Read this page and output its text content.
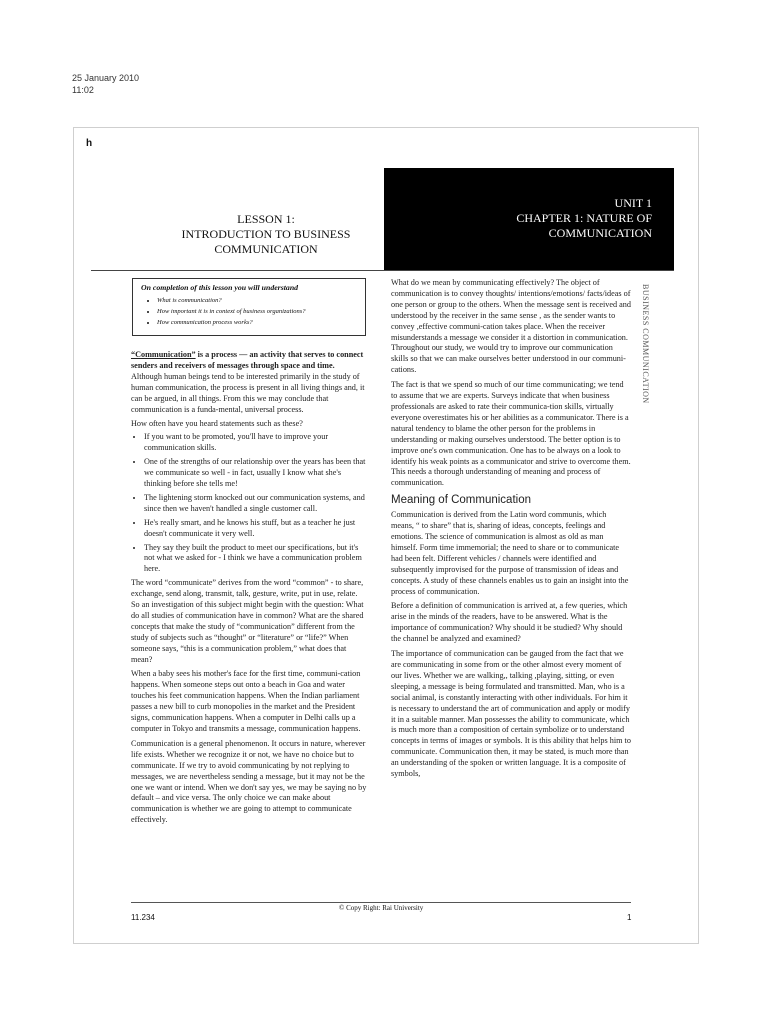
25 January 2010
11:02
h
UNIT 1
CHAPTER 1: NATURE OF
COMMUNICATION
LESSON 1:
INTRODUCTION TO BUSINESS
COMMUNICATION
BUSINESS COMMUNICATION
On completion of this lesson you will understand
• What is communication?
• How important it is in context of business organizations?
• How communication process works?

“Communication” is a process — an activity that serves to connect senders and receivers of messages through space and time. Although human beings tend to be interested primarily in the study of human communication, the process is present in all living things and, it can be argued, in all things. From this we may conclude that communication is a funda-mental, universal process.

How often have you heard statements such as these?

• If you want to be promoted, you'll have to improve your communication skills.
• One of the strengths of our relationship over the years has been that we communicate so well - in fact, usually I know what she's thinking before she tells me!
• The lightening storm knocked out our communication systems, and since then we haven't handled a single customer call.
• He's really smart, and he knows his stuff, but as a teacher he just doesn't communicate it very well.
• They say they built the product to meet our specifications, but it's not what we asked for - I think we have a communication problem here.

The word “communicate” derives from the word “common” - to share, exchange, send along, transmit, talk, gesture, write, put in use, relate. So an investigation of this subject might begin with the question: What do all studies of communication have in common? What are the shared concepts that make the study of “communication” different from the study of subjects such as “thought” or “literature” or “life?” When someone says, “this is a communication problem,” what does that mean?

When a baby sees his mother's face for the first time, communi-cation happens. When someone steps out onto a beach in Goa and water touches his feet communication happens. When the Indian parliament passes a new bill to curb monopolies in the market and the President signs, communication happens. When a computer in Delhi calls up a computer in Tokyo and transmits a message, communication happens.

Communication is a general phenomenon. It occurs in nature, wherever life exists. Whether we recognize it or not, we have no choice but to communicate. If we try to avoid communicating by not replying to messages, we are nevertheless sending a message, but it may not be the one we want or intend. When we don't say yes, we may be saying no by default – and vice versa. The only choice we can make about communication is whether we are going to attempt to communicate effectively.

What do we mean by communicating effectively? The object of communication is to convey thoughts/ intentions/emotions/ facts/ideas of one person or group to the others. When the message sent is received and understood by the receiver in the same sense , as the sender wants to convey ,effective communi-cation takes place. When the receiver misunderstands a message we consider it a distortion in communication. Throughout our study, we would try to improve our communication skills so that we can make ourselves better understood in our communi-cations.

The fact is that we spend so much of our time communicating; we tend to assume that we are experts. Surveys indicate that when business professionals are asked to rate their communica-tion skills, virtually everyone overestimates his or her abilities as a communicator. There is a natural tendency to blame the other person for the problems in understanding or making ourselves understood. The better option is to improve one's own communication. One has to be always on a look to identify his weak points as a communicator and strive to overcome them. This needs a thorough understanding of meaning and process of communication.

Meaning of Communication

Communication is derived from the Latin word communis, which means, “ to share” that is, sharing of ideas, concepts, feelings and emotions. The science of communication is almost as old as man himself. Form time immemorial; the need to share or to communicate had been felt. Different vehicles / channels were identified and subsequently improvised for the purpose of transmission of ideas and concepts. A study of these channels enables us to gain an insight into the process of communication.

Before a definition of communication is arrived at, a few queries, which arise in the minds of the readers, have to be answered. What is the importance of communication? Why should it be studied? Why should the channel be analyzed and examined?

The importance of communication can be gauged from the fact that we are communicating in some from or the other almost every moment of our lives. Whether we are walking,, talking ,playing, sitting, or even sleeping, a message is being formulated and transmitted. Man, who is a social animal, is constantly interacting with other individuals. For him it is necessary to understand the art of communication and apply or modify it in a suitable manner. Man possesses the ability to communicate, which is much more than a composition of certain symbolize or to understand concepts in terms of images or symbols. It is this ability that helps him to communicate. Communication then, it may be stated, is much more than an understanding of the spoken or written language. It is a composite of symbols,

© Copy Right: Rai University
11.234	1
